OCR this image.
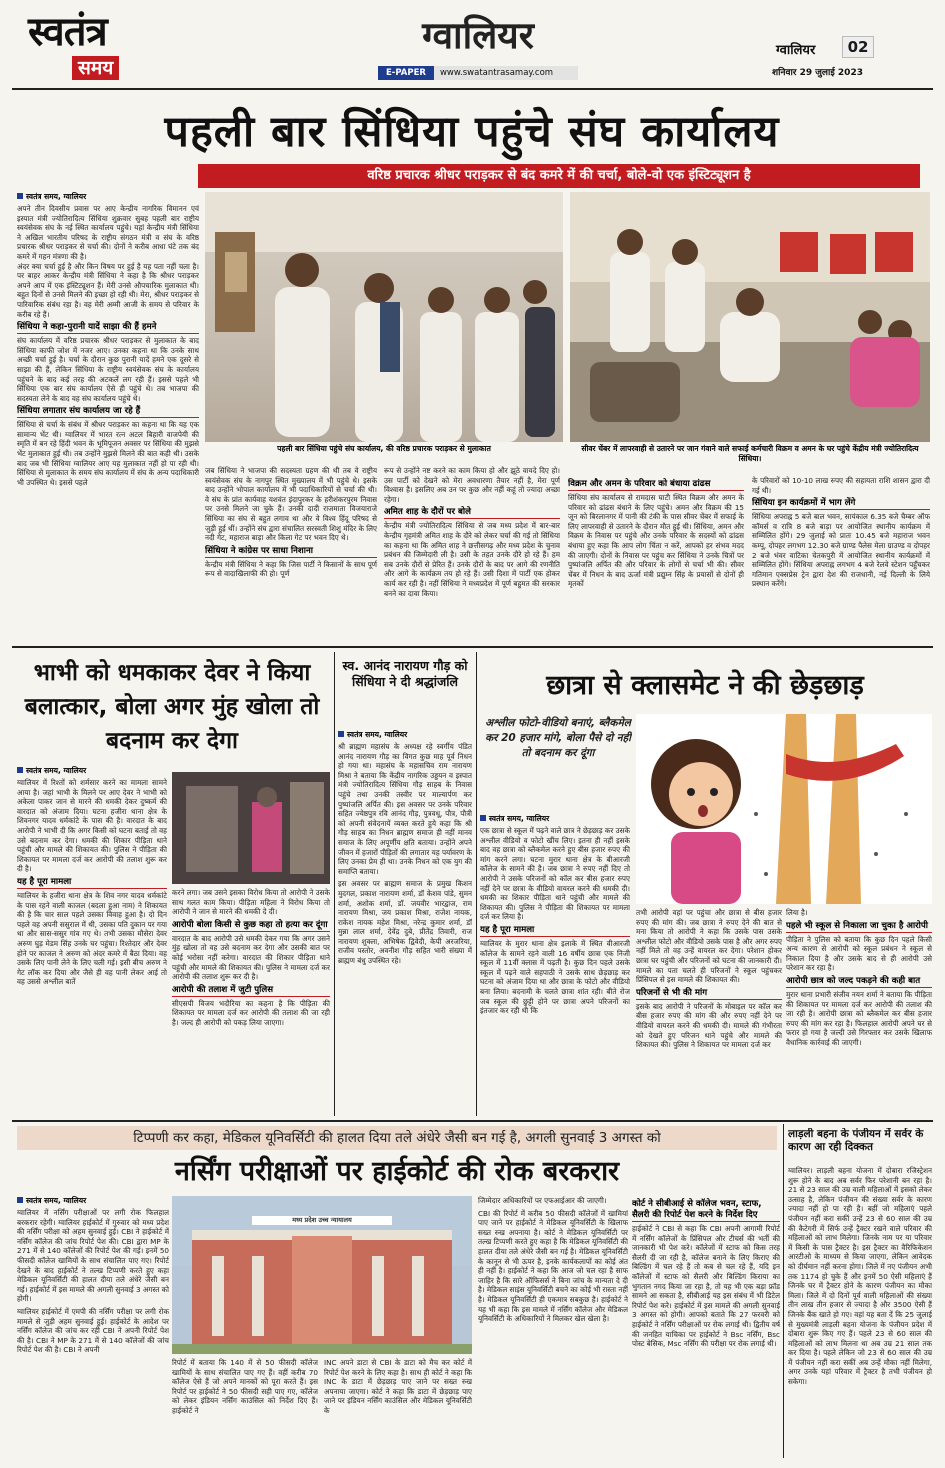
स्वतंत्र
समय
ग्वालियर
E-PAPER	www.swatantrasamay.com
ग्वालियर	02
शनिवार 29 जुलाई 2023
पहली बार सिंधिया पहुंचे संघ कार्यालय
वरिष्ठ प्रचारक श्रीधर पराड़कर से बंद कमरे में की चर्चा, बोले-वो एक इंस्टिट्यूशन है
स्वतंत्र समय, ग्वालियर

अपने तीन दिवसीय प्रवास पर आए केन्द्रीय नागरिक विमानन एवं इस्पात मंत्री ज्योतिरादित्य सिंधिया शुक्रवार सुबह पहली बार राष्ट्रीय स्वयंसेवक संघ के नई स्थित कार्यालय पहुंचे। यहां केन्द्रीय मंत्री सिंधिया ने अखिल भारतीय परिषद के राष्ट्रीय संगठन मंत्री व संघ के वरिष्ठ प्रचारक श्रीधर पराड़कर से चर्चा की। दोनों ने करीब आधा घंटे तक बंद कमरे में गहन मंत्रणा की है।

अंदर क्या चर्चा हुई है और किन विषय पर हुई है यह पता नहीं चला है। पर बाहर आकर केन्द्रीय मंत्री सिंधिया ने कहा है कि श्रीधर पराड़कर अपने आप में एक इंस्टिट्यूशन हैं। मेरी उनसे औपचारिक मुलाकात थी। बहुत दिनों से उनसे मिलने की इच्छा हो रही थी। मेरा, श्रीधर पराड़कर से पारिवारिक संबंध रहा है। वह मेरी अम्मी आजी के समय से परिवार के करीब रहे हैं।

सिंधिया ने कहा-पुरानी यादें साझा की हैं हमने

संघ कार्यालय में वरिष्ठ प्रचारक श्रीधर पराड़कर से मुलाकात के बाद सिंधिया काफी जोश में नजर आए। उनका कहना था कि उनके साथ अच्छी चर्चा हुई है। चर्चा के दौरान कुछ पुरानी यादें हमने एक दूसरे से साझा की हैं, लेकिन सिंधिया के राष्ट्रीय स्वयंसेवक संघ के कार्यालय पहुंचने के बाद कई तरह की अटकलें लग रही हैं। इससे पहले भी सिंधिया एक बार संघ कार्यालय ऐसे ही पहुंचे थे। तब भाजपा की सदस्यता लेने के बाद वह संघ कार्यालय पहुंचे थे।

सिंधिया लगातार संघ कार्यालय जा रहे हैं

सिंधिया से चर्चा के संबंध में श्रीधर पराड़कर का कहना था कि यह एक सामान्य भेंट थी। ग्वालियर में भारत रत्न अटल बिहारी वाजपेयी की स्मृति में बन रहे हिंदी भवन के भूमिपूजन अवसर पर सिंधिया की मुझसे भेंट मुलाकात हुई थी। तब उन्होंने मुझसे मिलने की बात कही थी। उसके बाद जब भी सिंधिया ग्वालियर आए यह मुलाकात नहीं हो पा रही थी। सिंधिया से मुलाकात के समय संघ कार्यालय में संघ के अन्य पदाधिकारी भी उपस्थित थे। इससे पहले

पहली बार सिंधिया पहुंचे संघ कार्यालय, की वरिष्ठ प्रचारक पराड़कर से मुलाकात	सीवर चेंबर में लापरवाही से उतारने पर जान गंवाने वाले सफाई कर्मचारी विक्रम व अमन के घर पहुंचे केंद्रीय मंत्री ज्योतिरादित्य सिंधिया।

जब सिंधिया ने भाजपा की सदस्यता ग्रहण की थी तब वे राष्ट्रीय स्वयंसेवक संघ के नागपुर स्थित मुख्यालय में भी पहुंचे थे। इसके बाद उन्होंने भोपाल कार्यालय में भी पदाधिकारियों से चर्चा की थी। वे संघ के प्रांत कार्यवाह यशवंत इंदापुरकर के हरीशंकरपुरम निवास पर उनसे मिलने जा चुके हैं। उनकी दादी राजमाता विजयाराजे सिंधिया का संघ से बहुत लगाव था और वे विश्व हिंदू परिषद से जुड़ी हुई थीं। उन्होंने संघ द्वारा संचालित सरस्वती शिशु मंदिर के लिए नदी गेट, महाराज बाड़ा और किला गेट पर भवन दिए थे।

सिंधिया ने कांग्रेस पर साधा निशाना

केन्द्रीय मंत्री सिंधिया ने कहा कि जिस पार्टी ने किसानों के साथ पूर्ण रूप से वादाखिलाफी की हो। पूर्ण

रूप से उन्होंने नष्ट करने का काम किया हो और झूठे वायदे दिए हो। उस पार्टी को देखने को मेरा अवधारणा तैयार नहीं है, मेरा पूर्ण विश्वास है। इसलिए अब उन पर कुछ और नहीं कहूं तो ज्यादा अच्छा रहेगा।

अमित शाह के दौरों पर बोले

केन्द्रीय मंत्री ज्योतिरादित्य सिंधिया से जब मध्य प्रदेश में बार-बार केन्द्रीय गृहमंत्री अमित शाह के दौरे को लेकर चर्चा की गई तो सिंधिया का कहना था कि अमित शाह ने छत्तीसगढ़ और मध्य प्रदेश के चुनाव प्रबंधन की जिम्मेदारी ली है। उसी के तहत उनके दौरे हो रहे हैं। हम सब उनके दौरों से प्रेरित हैं। उनके दौरों के बाद पर आगे की रणनीति और आगे के कार्यक्रम तय हो रहे हैं। उसी दिशा में पार्टी एक होकर कार्य कर रही है। नहीं सिंधिया ने मध्यप्रदेश में पूर्ण बहुमत की सरकार बनने का दावा किया।

विक्रम और अमन के परिवार को बंधाया ढांढस

सिंधिया संघ कार्यालय से रामदास घाटी स्थित विक्रम और अमन के परिवार को ढांढस बंधाने के लिए पहुंचे। अमन और विक्रम की 15 जून को बिरलानगर में पानी की टंकी के पास सीवर चेंबर में सफाई के लिए लापरवाही से उतारने के दौरान मौत हुई थी। सिंधिया, अमन और विक्रम के निवास पर पहुंचे और उनके परिवार के सदस्यों को ढांढस बंधाया हुए कहा कि आप लोग चिंता न करें, आपको हर संभव मदद की जाएगी। दोनों के निवास पर पहुंच कर सिंधिया ने उनके चित्रों पर पुष्पांजलि अर्पित की और परिवार के लोगों से चर्चा भी की। सीवर चेंबर में निधन के बाद ऊर्जा मंत्री प्रद्युम्न सिंह के प्रयासों से दोनों ही मृतकों

के परिवारों को 10-10 लाख रुपए की सहायता राशि शासन द्वारा दी गई थी।

सिंधिया इन कार्यक्रमों में भाग लेंगे

सिंधिया अपराह्न 5 बजे बाल भवन, सायंकाल 6.35 बजे चैम्बर ऑफ कॉमर्स व रात्रि 8 बजे बाड़ा पर आयोजित स्थानीय कार्यक्रम में सम्मिलित होंगे। 29 जुलाई को प्रातः 10.45 बजे महाराज भवन कम्पू, दोपहर लगभग 12.30 बजे ग्राण्ड पैलेस मेला ग्राउण्ड व दोपहर 2 बजे भंवर वाटिका चेतकपुरी में आयोजित स्थानीय कार्यक्रमों में सम्मिलित होंगे। सिंधिया अपराह्न लगभग 4 बजे रेलवे स्टेशन पहुँचकर गतिमान एक्सप्रेस ट्रेन द्वारा देश की राजधानी, नई दिल्ली के लिये प्रस्थान करेंगे।

भाभी को धमकाकर देवर ने किया बलात्कार, बोला अगर मुंह खोला तो बदनाम कर देगा
स्वतंत्र समय, ग्वालियर

ग्वालियर में रिश्तों को शर्मसार करने का मामला सामने आया है। जहां भाभी के मिलने पर आए देवर ने भाभी को अकेला पाकर जान से मारने की धमकी देकर दुष्कर्म की वारदात को अंजाम दिया। घटना हजीरा थाना क्षेत्र के शिवनगर यादव धर्मकांटे के पास की है। वारदात के बाद आरोपी ने भाभी दी कि अगर किसी को घटना बताई तो वह उसे बदनाम कर देगा। धमकी की शिकार पीड़िता थाने पहुंची और मामले की शिकायत की। पुलिस ने पीड़िता की शिकायत पर मामला दर्ज कर आरोपी की तलाश शुरू कर दी है।

यह है पूरा मामला

ग्वालियर के हजीरा थाना क्षेत्र के शिव नगर यादव धर्मकांटे के पास रहने वाली काजल (बदला हुआ नाम) ने शिकायत की है कि चार साल पहले उसका विवाह हुआ है। दो दिन पहले वह अपनी ससुराल में थी, उसका पति दुकान पर गया था और सास-ससुर गांव गए थे। तभी उसका मौसेरा देवर अरुण घुड़ मेडम सिंह उनके घर पहुंचा। रिश्तेदार और देवर होने पर काजल ने अरुण को अंदर कमरे में बैठा दिया। वह उसके लिए पानी लेने के लिए चली गई। इसी बीच अरुण ने गेट लॉक कर दिया और जैसे ही वह पानी लेकर आई तो वह उससे अश्लील बातें

करने लगा। जब उसने इसका विरोध किया तो आरोपी ने उसके साथ गलत काम किया। पीड़िता महिला ने विरोध किया तो आरोपी ने जान से मारने की धमकी दे दी।

आरोपी बोला किसी से कुछ कहा तो हत्या कर दूंगा

वारदात के बाद आरोपी उसे धमकी देकर गया कि अगर उसने मुंह खोला तो वह उसे बदनाम कर देगा और उसकी बात पर कोई भरोसा नहीं करेगा। वारदात की शिकार पीड़िता थाने पहुंची और मामले की शिकायत की। पुलिस ने मामला दर्ज कर आरोपी की तलाश शुरू कर दी है।

आरोपी की तलाश में जुटी पुलिस

सीएसपी विजय भदौरिया का कहना है कि पीड़िता की शिकायत पर मामला दर्ज कर आरोपी की तलाश की जा रही है। जल्द ही आरोपी को पकड़ लिया जाएगा।

स्व. आनंद नारायण गौड़ को सिंधिया ने दी श्रद्धांजलि
स्वतंत्र समय, ग्वालियर

श्री ब्राह्मण महासंघ के अध्यक्ष रहे स्वर्गीय पंडित आनंद नारायण गौड़ का विगत कुछ माह पूर्व निधन हो गया था। महासंघ के महासचिव राम नारायण मिश्रा ने बताया कि केंद्रीय नागरिक उड्डयन व इस्पात मंत्री ज्योतिरादित्य सिंधिया गौड़ साहब के निवास पहुंचे तथा उनकी तस्वीर पर माल्यार्पण कर पुष्पांजलि अर्पित की। इस अवसर पर उनके परिवार सहित ज्येष्ठपुत्र रवि आनंद गौड़, पुत्रवधू, पौत्र, पौत्री को अपनी संवेदनायें व्यक्त करते हुये कहा कि श्री गौड़ साहब का निधन ब्राह्मण समाज ही नहीं मानव समाज के लिए अपूर्णीय क्षति बताया। उन्होंने अपने जीवन में हजारों पीड़ितों की लगातार यह पर्यावरण के लिए उनका प्रेम ही था। उनके निधन को एक युग की समाप्ति बताया।

इस अवसर पर ब्राह्मण समाज के प्रमुख किशन मुदगल, प्रकाश नारायण शर्मा, डॉ केशव पांडे, सुमन शर्मा, अशोक शर्मा, डॉ. जयवीर भारद्वाज, राम नारायण मिश्रा, जय प्रकाश मिश्रा, राजेश नायक, राकेश नायक महेश मिश्रा, नरेन्द्र कुमार शर्मा, डॉ मुन्ना लाल शर्मा, देवेंद्र दुबे, प्रीतेंद्र तिवारी, राज नारायण शुक्ला, अभिषेक द्विवेदी, केपी अरजरिया, राजीव पस्तोर, अवनीश गौड़ सहित भारी संख्या में ब्राह्मण बंधु उपस्थित रहे।

छात्रा से क्लासमेट ने की छेड़छाड़
अश्लील फोटो-वीडियो बनाएं, ब्लैकमेल कर 20 हजार मांगे, बोला पैसे दो नहीं तो बदनाम कर दूंगा
स्वतंत्र समय, ग्वालियर

एक छात्रा से स्कूल में पढ़ने वाले छात्र ने छेड़छाड़ कर उसके अश्लील वीडियो व फोटो खींच लिए। इतना ही नहीं इसके बाद वह छात्रा को ब्लैकमेल करने हुए बीस हजार रुपए की मांग करने लगा। घटना मुरार थाना क्षेत्र के बीआरजी कॉलेज के सामने की है। जब छात्रा ने रुपए नहीं दिए तो आरोपी ने उसके परिजनों को कॉल कर बीस हजार रुपए नहीं देने पर छात्रा के वीडियो वायरल करने की धमकी दी। धमकी का शिकार पीड़िता थाने पहुंची और मामले की शिकायत की। पुलिस ने पीड़िता की शिकायत पर मामला दर्ज कर लिया है।

यह है पूरा मामला

ग्वालियर के मुरार थाना क्षेत्र इलाके में स्थित वीआरजी कॉलेज के सामने रहने वाली 16 वर्षीय छात्रा एक निजी स्कूल में 11वीं क्लास में पढ़ती है। कुछ दिन पहले उसके स्कूल में पढ़ने वाले सहपाठी ने उसके साथ छेड़छाड़ कर घटना को अंजाम दिया था और छात्रा के फोटो और वीडियो बना लिया। बदनामी के चलते छात्रा शांत रही। बीते रोज जब स्कूल की छुट्टी होने पर छात्रा अपने परिजनों का इंतजार कर रही थी कि

तभी आरोपी वहां पर पहुंचा और छात्रा से बीस हजार रुपए की मांग की। जब छात्रा ने रुपए देने की बात से मना किया तो आरोपी ने कहा कि उसके पास उसके अश्लील फोटो और वीडियो उसके पास है और अगर रुपए नहीं मिले तो वह उन्हें वायरल कर देगा। परेशान होकर छात्रा घर पहुंची और परिजनों को घटना की जानकारी दी। मामले का पता चलते ही परिजनों ने स्कूल पहुंचकर प्रिंसिपल से इस मामले की शिकायत की।

परिजनों से भी की मांग

इसके बाद आरोपी ने परिजनों के मोबाइल पर कॉल कर बीस हजार रुपए की मांग की और रुपए नहीं देने पर वीडियो वायरल करने की धमकी दी। मामले की गंभीरता को देखते हुए परिजन थाने पहुंचे और मामले की शिकायत की। पुलिस ने शिकायत पर मामला दर्ज कर

लिया है।

पहले भी स्कूल से निकाला जा चुका है आरोपी

पीड़िता ने पुलिस को बताया कि कुछ दिन पहले किसी अन्य कारण से आरोपी को स्कूल प्रबंधन ने स्कूल से निकाल दिया है और उसके बाद से ही आरोपी उसे परेशान कर रहा है।

आरोपी छात्र को जल्द पकड़ने की कही बात

मुरार थाना प्रभारी संजीव नयन शर्मा ने बताया कि पीड़िता की शिकायत पर मामला दर्ज कर आरोपी की तलाश की जा रही है। आरोपी छात्रा को ब्लैकमेल कर बीस हजार रुपए की मांग कर रहा है। फिलहाल आरोपी अपने घर से फरार हो गया है जल्दी उसे गिरफ्तार कर उसके खिलाफ वैधानिक कार्रवाई की जाएगी।

टिप्पणी कर कहा, मेडिकल यूनिवर्सिटी की हालत दिया तले अंधेरे जैसी बन गई है, अगली सुनवाई 3 अगस्त को
नर्सिंग परीक्षाओं पर हाईकोर्ट की रोक बरकरार
स्वतंत्र समय, ग्वालियर

ग्वालियर में नर्सिंग परीक्षाओं पर लगी रोक फिलहाल बरकरार रहेगी। ग्वालियर हाईकोर्ट में गुरुवार को मध्य प्रदेश की नर्सिंग परीक्षा को अहम सुनवाई हुई। CBI ने हाईकोर्ट में नर्सिंग कॉलेज की जांच रिपोर्ट पेश की। CBI द्वारा MP के 271 में से 140 कॉलेजों की रिपोर्ट पेश की गई। इनमें 50 फीसदी कॉलेज खामियों के साथ संचालित पाए गए। रिपोर्ट देखने के बाद हाईकोर्ट ने तल्ख टिप्पणी करते हुए कहा मेडिकल यूनिवर्सिटी की हालत दीया तले अंधेरे जैसी बन गई। हाईकोर्ट में इस मामले की अगली सुनवाई 3 अगस्त को होगी।

ग्वालियर हाईकोर्ट में एमपी की नर्सिंग परीक्षा पर लगी रोक मामले से जुड़ी अहम सुनवाई हुई। हाईकोर्ट के आदेश पर नर्सिंग कॉलेज की जांच कर रही CBI ने अपनी रिपोर्ट पेश की है। CBI ने MP के 271 में से 140 कॉलेजों की जांच रिपोर्ट पेश की है। CBI ने अपनी

मध्य प्रदेश उच्च न्यायालय

रिपोर्ट में बताया कि 140 में से 50 फीसदी कॉलेज खामियों के साथ संचालित पाए गए हैं। वहीं करीब 70 कॉलेज ऐसे हैं जो अपने मानकों को पूरा करते हैं। इस रिपोर्ट पर हाईकोर्ट ने 50 फीसदी सही पाए गए, कॉलेज को लेकर इंडियन नर्सिंग काउंसिल को निर्देश दिए हैं। हाईकोर्ट ने

INC अपने डाटा से CBI के डाटा को मैच कर कोर्ट में रिपोर्ट पेश करने के लिए कहा है। साथ ही कोर्ट ने कहा कि INC के डाटा में छेड़छाड़ पाए जाने पर सख्त रुख अपनाया जाएगा। कोर्ट ने कहा कि डाटा में छेड़छाड़ पाए जाने पर इंडियन नर्सिंग काउंसिल और मेडिकल यूनिवर्सिटी के

जिम्मेदार अधिकारियों पर एफआईआर की जाएगी।

CBI की रिपोर्ट में करीब 50 फीसदी कॉलेजों में खामियां पाए जाने पर हाईकोर्ट ने मेडिकल यूनिवर्सिटी के खिलाफ सख्त रुख अपनाया है। कोर्ट ने मेडिकल यूनिवर्सिटी पर तल्ख टिप्पणी करते हुए कहा है कि मेडिकल यूनिवर्सिटी की हालत दीया तले अंधेरे जैसी बन गई है। मेडिकल यूनिवर्सिटी के कानून से भी ऊपर है, इनके कार्यकलापों का कोई अंत ही नहीं है। हाईकोर्ट ने कहा कि आज जो चल रहा है साफ जाहिर है कि सारे ऑफिसर्स ने बिना जांच के मान्यता दे दी है। मेडिकल साइंस यूनिवर्सिटी बचने का कोई भी रास्ता नहीं है। मेडिकल यूनिवर्सिटी ही एकमात्र सबकुछ है। हाईकोर्ट ने यह भी कहा कि इस मामले में नर्सिंग कॉलेज और मेडिकल यूनिवर्सिटी के अधिकारियों ने मिलकर खेल खेला है।

कोर्ट ने सीबीआई से कॉलेज भवन, स्टाफ, सैलरी की रिपोर्ट पेश करने के निर्देश दिए

हाईकोर्ट ने CBI से कहा कि CBI अपनी आगामी रिपोर्ट में नर्सिंग कॉलेजों के प्रिंसिपल और टीचर्स की भर्ती की जानकारी भी पेश करे। कॉलेजों में स्टाफ को किस तरह सैलरी दी जा रही है, कॉलेज बनाने के लिए किराए की बिल्डिंग में चल रहे हैं तो कब से चल रहे हैं, यदि इन कॉलेजों में स्टाफ को सैलरी और बिल्डिंग किराया का भुगतान नगद किया जा रहा है, तो यह भी एक बड़ा फ्रॉड सामने आ सकता है, सीबीआई यह इस संबंध में भी डिटेल रिपोर्ट पेश करे। हाईकोर्ट में इस मामले की अगली सुनवाई 3 अगस्त को होगी। आपको बताते कि 27 फरवरी को हाईकोर्ट ने नर्सिंग परीक्षाओं पर रोक लगाई थी। द्वितीय वर्ष की जनहित याचिका पर हाईकोर्ट ने Bsc नर्सिंग, Bsc पोस्ट बेसिक, Msc नर्सिंग की परीक्षा पर रोक लगाई थी।

लाड़ली बहना के पंजीयन में सर्वर के कारण आ रही दिक्कत

ग्वालियर। लाड़ली बहना योजना में दोबारा रजिस्ट्रेशन शुरू होने के बाद अब सर्वर फिर परेशानी बन रहा है। 21 से 23 साल की उम्र वाली महिलाओं में इसको लेकर उत्साह है, लेकिन पंजीयन की संख्या सर्वर के कारण ज्यादा नहीं हो पा रही है। बहीं जो महिलाएं पहले पंजीयन नहीं करा सकीं उन्हें 23 से 60 साल की उम्र की कैटेगरी में सिर्फ उन्हें ट्रैक्टर रखने वाले परिवार की महिलाओं को लाभ मिलेगा। जिनके नाम पर या परिवार में किसी के पास ट्रैक्टर है। इस ट्रैक्टर का वैरिफिकेशन आरटीओ के माध्यम से किया जाएगा, लेकिन आवेदक को दीर्घमान नहीं करना होगा। जिले में नए पंजीयन अभी तक 1174 हो चुके हैं और इनमें 50 ऐसी महिलाएं हैं जिनके घर में ट्रैक्टर होने के कारण पंजीयन का मौका मिला। जिले में दो दिनों पूर्व वाली महिलाओं की संख्या तीन लाख तीन हजार से ज्यादा है और 3500 ऐसी हैं जिनके बैंक खाते हो गए। वहां यह बता दें कि 25 जुलाई से मुख्यमंत्री लाड़ली बहना योजना के पंजीयन प्रदेश में दोबारा शुरू किए गए हैं। पहले 23 से 60 साल की महिलाओं को लाभ मिलना था अब उम्र 21 साल तक कर दिया है। पहले लेकिन जो 23 से 60 साल की उम्र में पंजीयन नहीं करा सकीं अब उन्हें मौका नहीं मिलेगा, अगर उनके यहां परिवार में ट्रैक्टर है तभी पंजीयन हो सकेगा।
